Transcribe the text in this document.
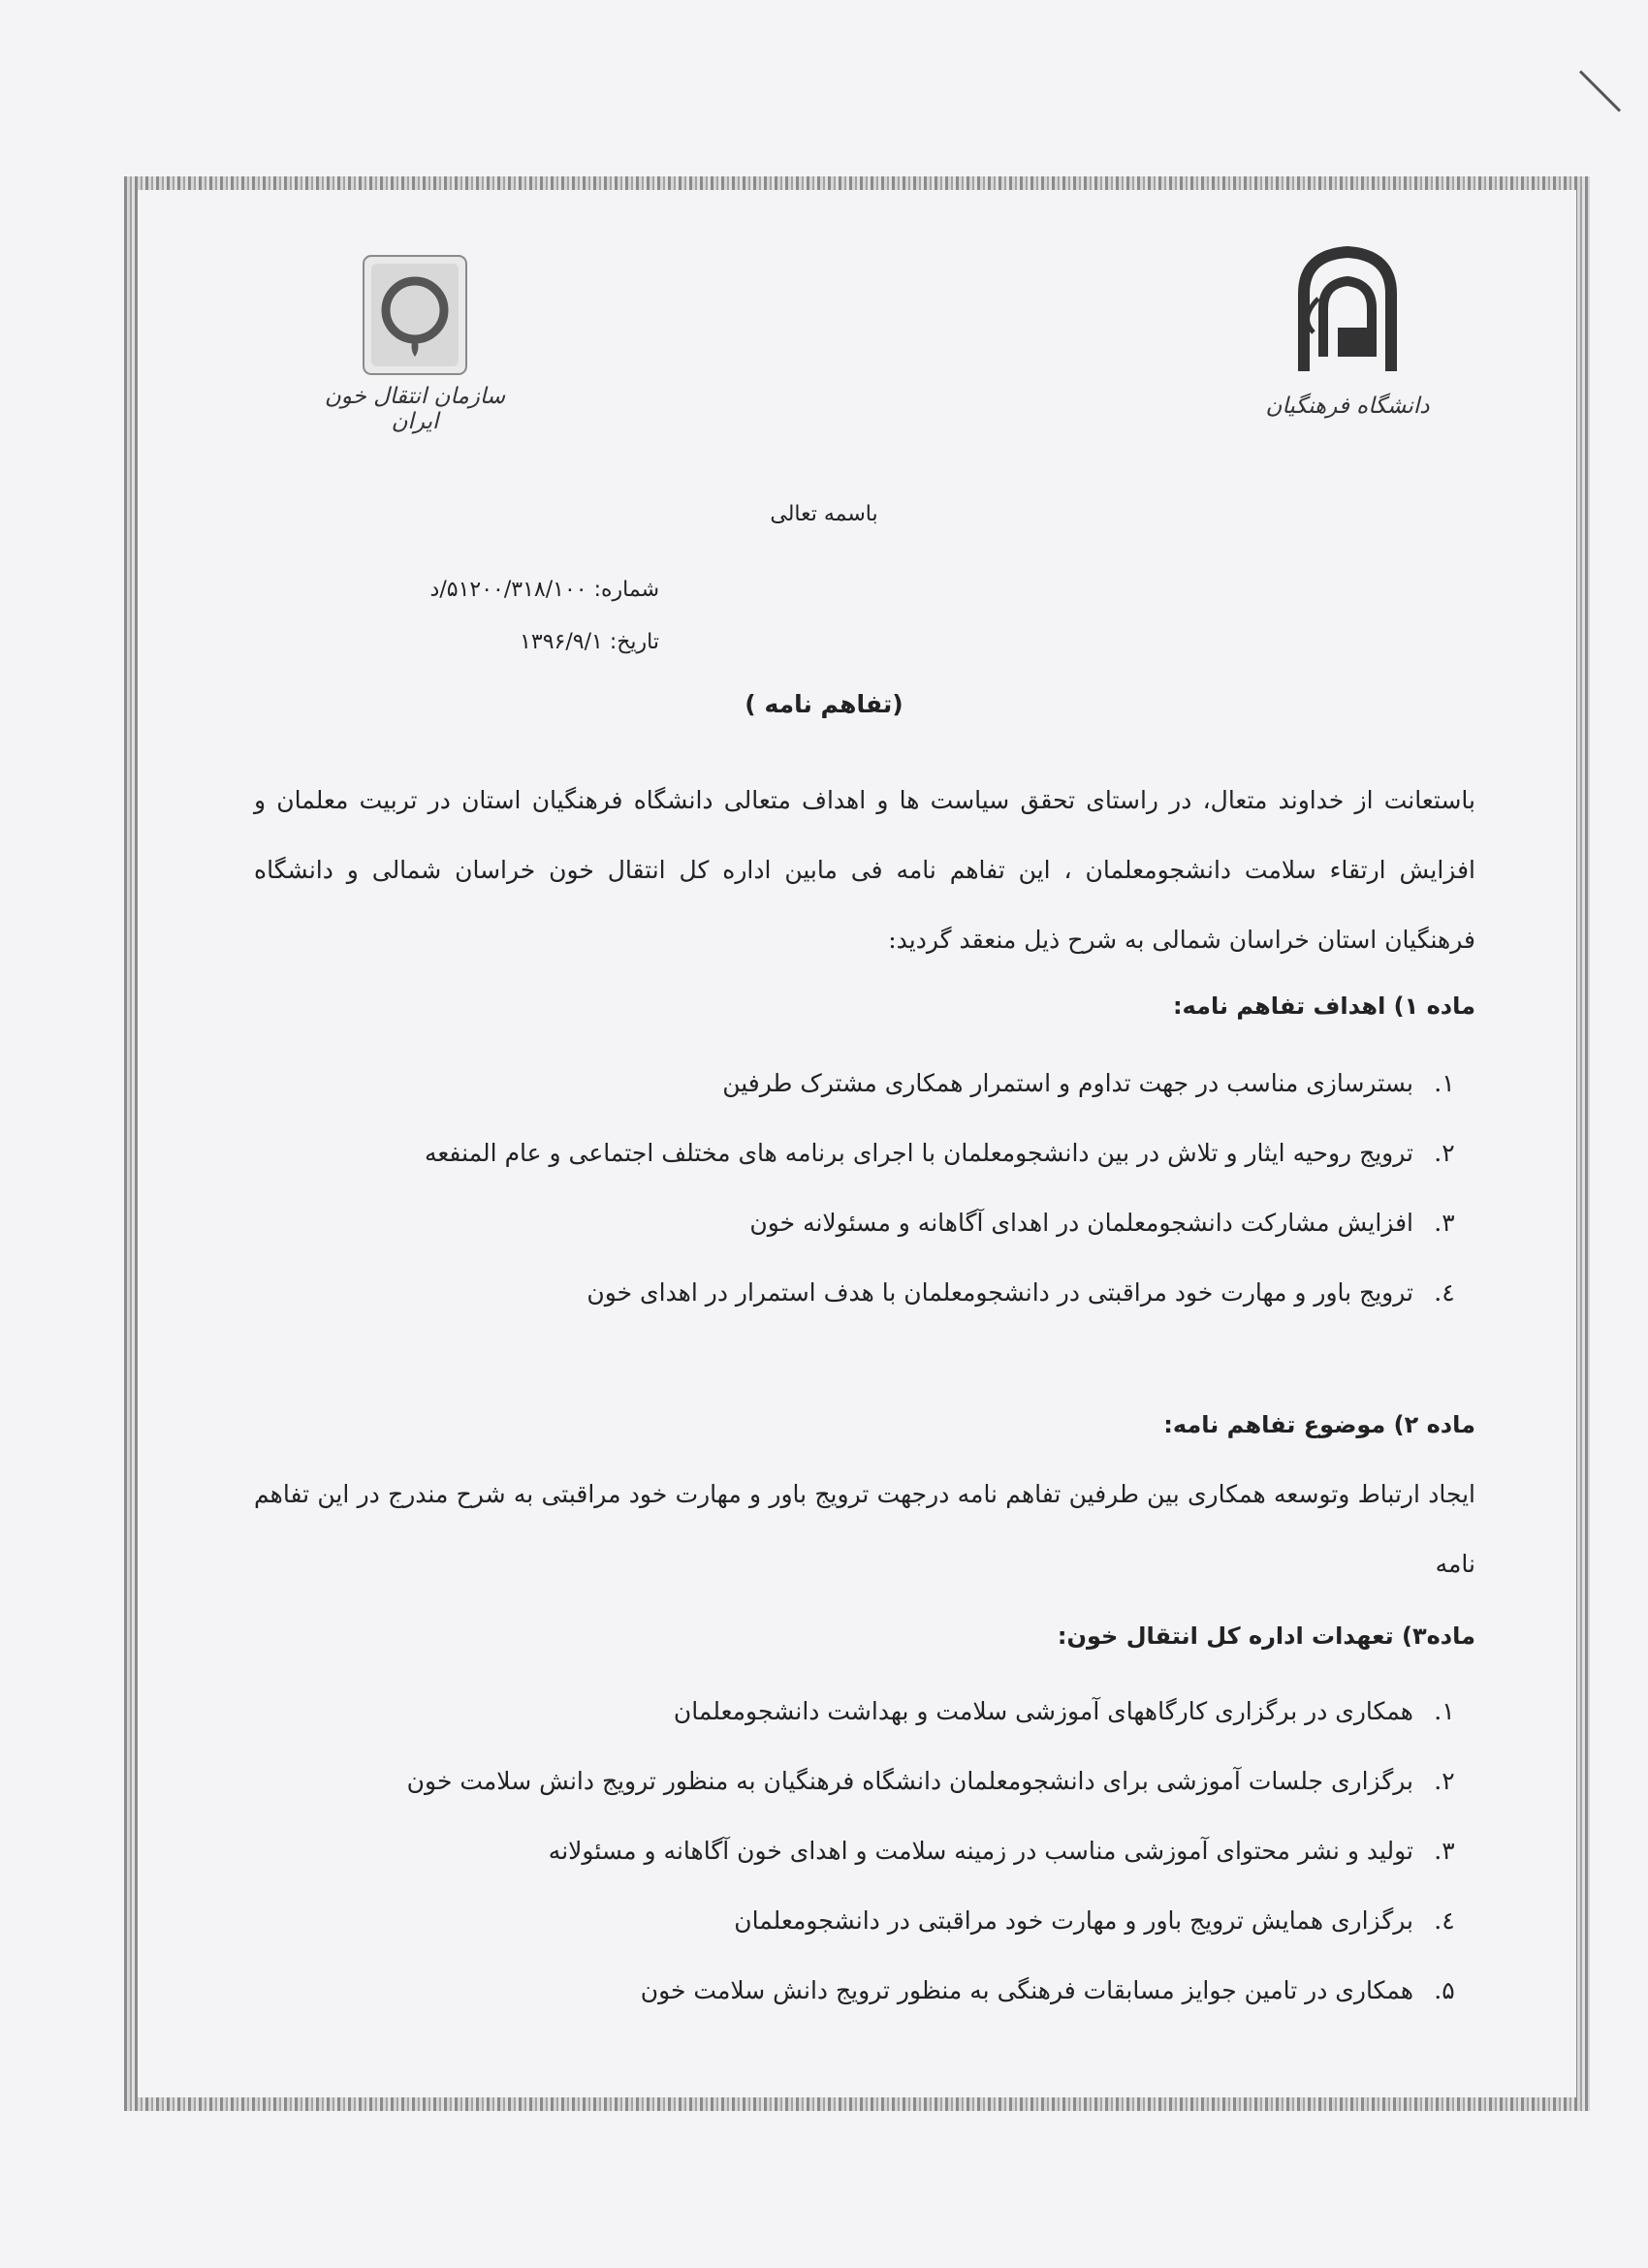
سازمان انتقال خون ایران
دانشگاه فرهنگیان
باسمه تعالی
شماره: ۵۱۲۰۰/۳۱۸/۱۰۰/د
تاریخ: ۱۳۹۶/۹/۱
( تفاهم نامه)

باستعانت از خداوند متعال، در راستای تحقق سیاست ها و اهداف متعالی دانشگاه فرهنگیان استان در تربیت معلمان و افزایش ارتقاء سلامت دانشجومعلمان ، این تفاهم نامه فی مابین اداره کل انتقال خون خراسان شمالی و دانشگاه فرهنگیان استان خراسان شمالی به شرح ذیل منعقد گردید:

ماده ۱) اهداف تفاهم نامه:

۱.
بسترسازی مناسب در جهت تداوم و استمرار همکاری مشترک طرفین
۲.
ترویج روحیه ایثار و تلاش در بین دانشجومعلمان با اجرای برنامه های مختلف اجتماعی و عام المنفعه
۳.
افزایش مشارکت دانشجومعلمان در اهدای آگاهانه و مسئولانه خون
٤.
ترویج باور و مهارت خود مراقبتی در دانشجومعلمان با هدف استمرار در اهدای خون

ماده ۲) موضوع تفاهم نامه:

ایجاد ارتباط وتوسعه همکاری بین طرفین تفاهم نامه درجهت ترویج باور و مهارت خود مراقبتی به شرح مندرج در این تفاهم نامه

ماده۳) تعهدات اداره کل انتقال خون:

۱.
همکاری در برگزاری کارگاههای آموزشی سلامت و بهداشت دانشجومعلمان
۲.
برگزاری جلسات آموزشی برای دانشجومعلمان دانشگاه فرهنگیان به منظور ترویج دانش سلامت خون
۳.
تولید و نشر محتوای آموزشی مناسب در زمینه سلامت و اهدای خون آگاهانه و مسئولانه
٤.
برگزاری همایش ترویج باور و مهارت خود مراقبتی در دانشجومعلمان
۵.
همکاری در تامین جوایز مسابقات فرهنگی به منظور ترویج دانش سلامت خون
